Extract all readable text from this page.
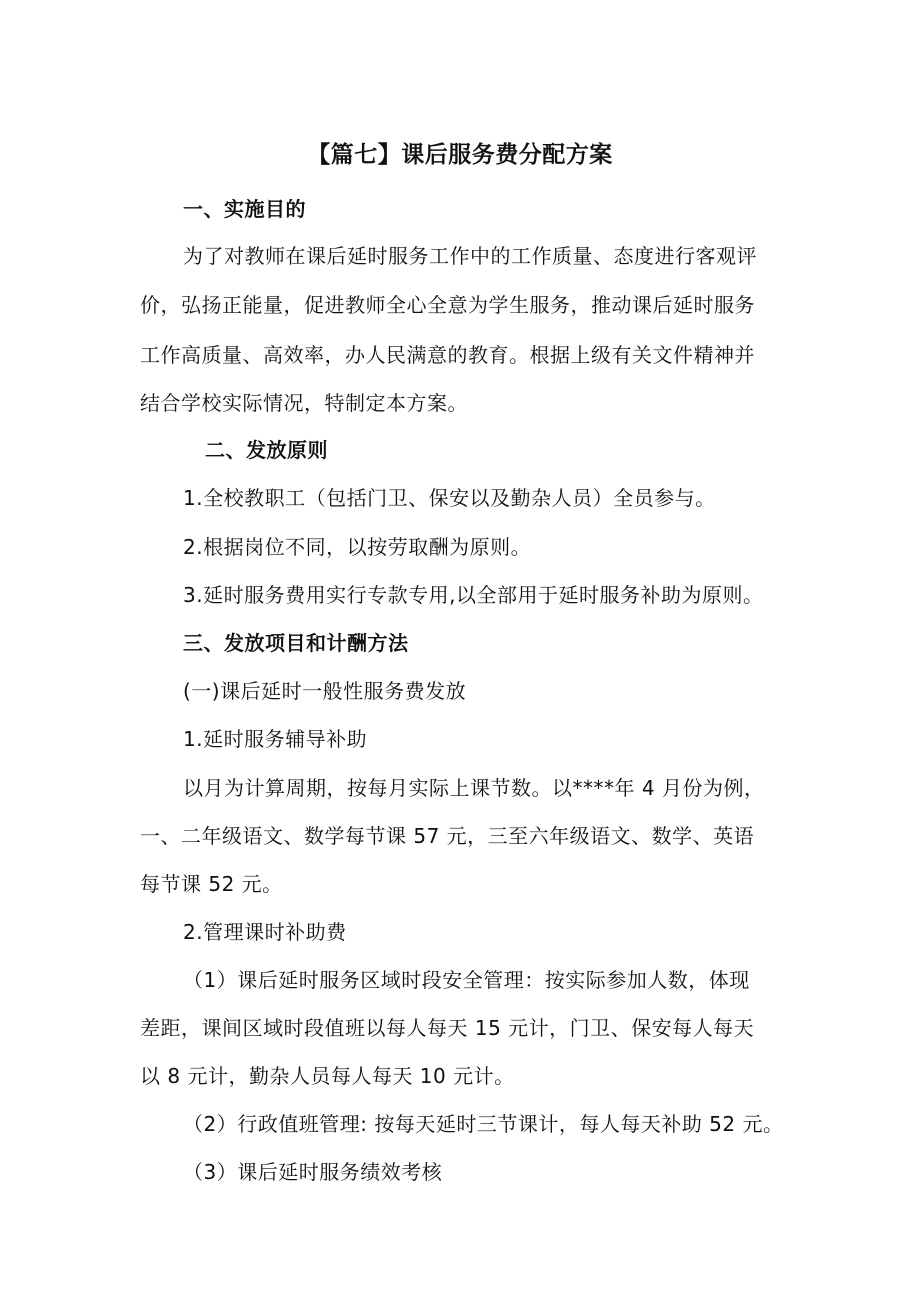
【篇七】课后服务费分配方案
一、实施目的
为了对教师在课后延时服务工作中的工作质量、态度进行客观评
价，弘扬正能量，促进教师全心全意为学生服务，推动课后延时服务
工作高质量、高效率，办人民满意的教育。根据上级有关文件精神并
结合学校实际情况，特制定本方案。
二、发放原则
1.全校教职工（包括门卫、保安以及勤杂人员）全员参与。
2.根据岗位不同，以按劳取酬为原则。
3.延时服务费用实行专款专用,以全部用于延时服务补助为原则。
三、发放项目和计酬方法
(一)课后延时一般性服务费发放
1.延时服务辅导补助
以月为计算周期，按每月实际上课节数。以****年 4 月份为例，
一、二年级语文、数学每节课 57 元，三至六年级语文、数学、英语
每节课 52 元。
2.管理课时补助费
（1）课后延时服务区域时段安全管理：按实际参加人数，体现
差距，课间区域时段值班以每人每天 15 元计，门卫、保安每人每天
以 8 元计，勤杂人员每人每天 10 元计。
（2）行政值班管理: 按每天延时三节课计，每人每天补助 52 元。
（3）课后延时服务绩效考核
